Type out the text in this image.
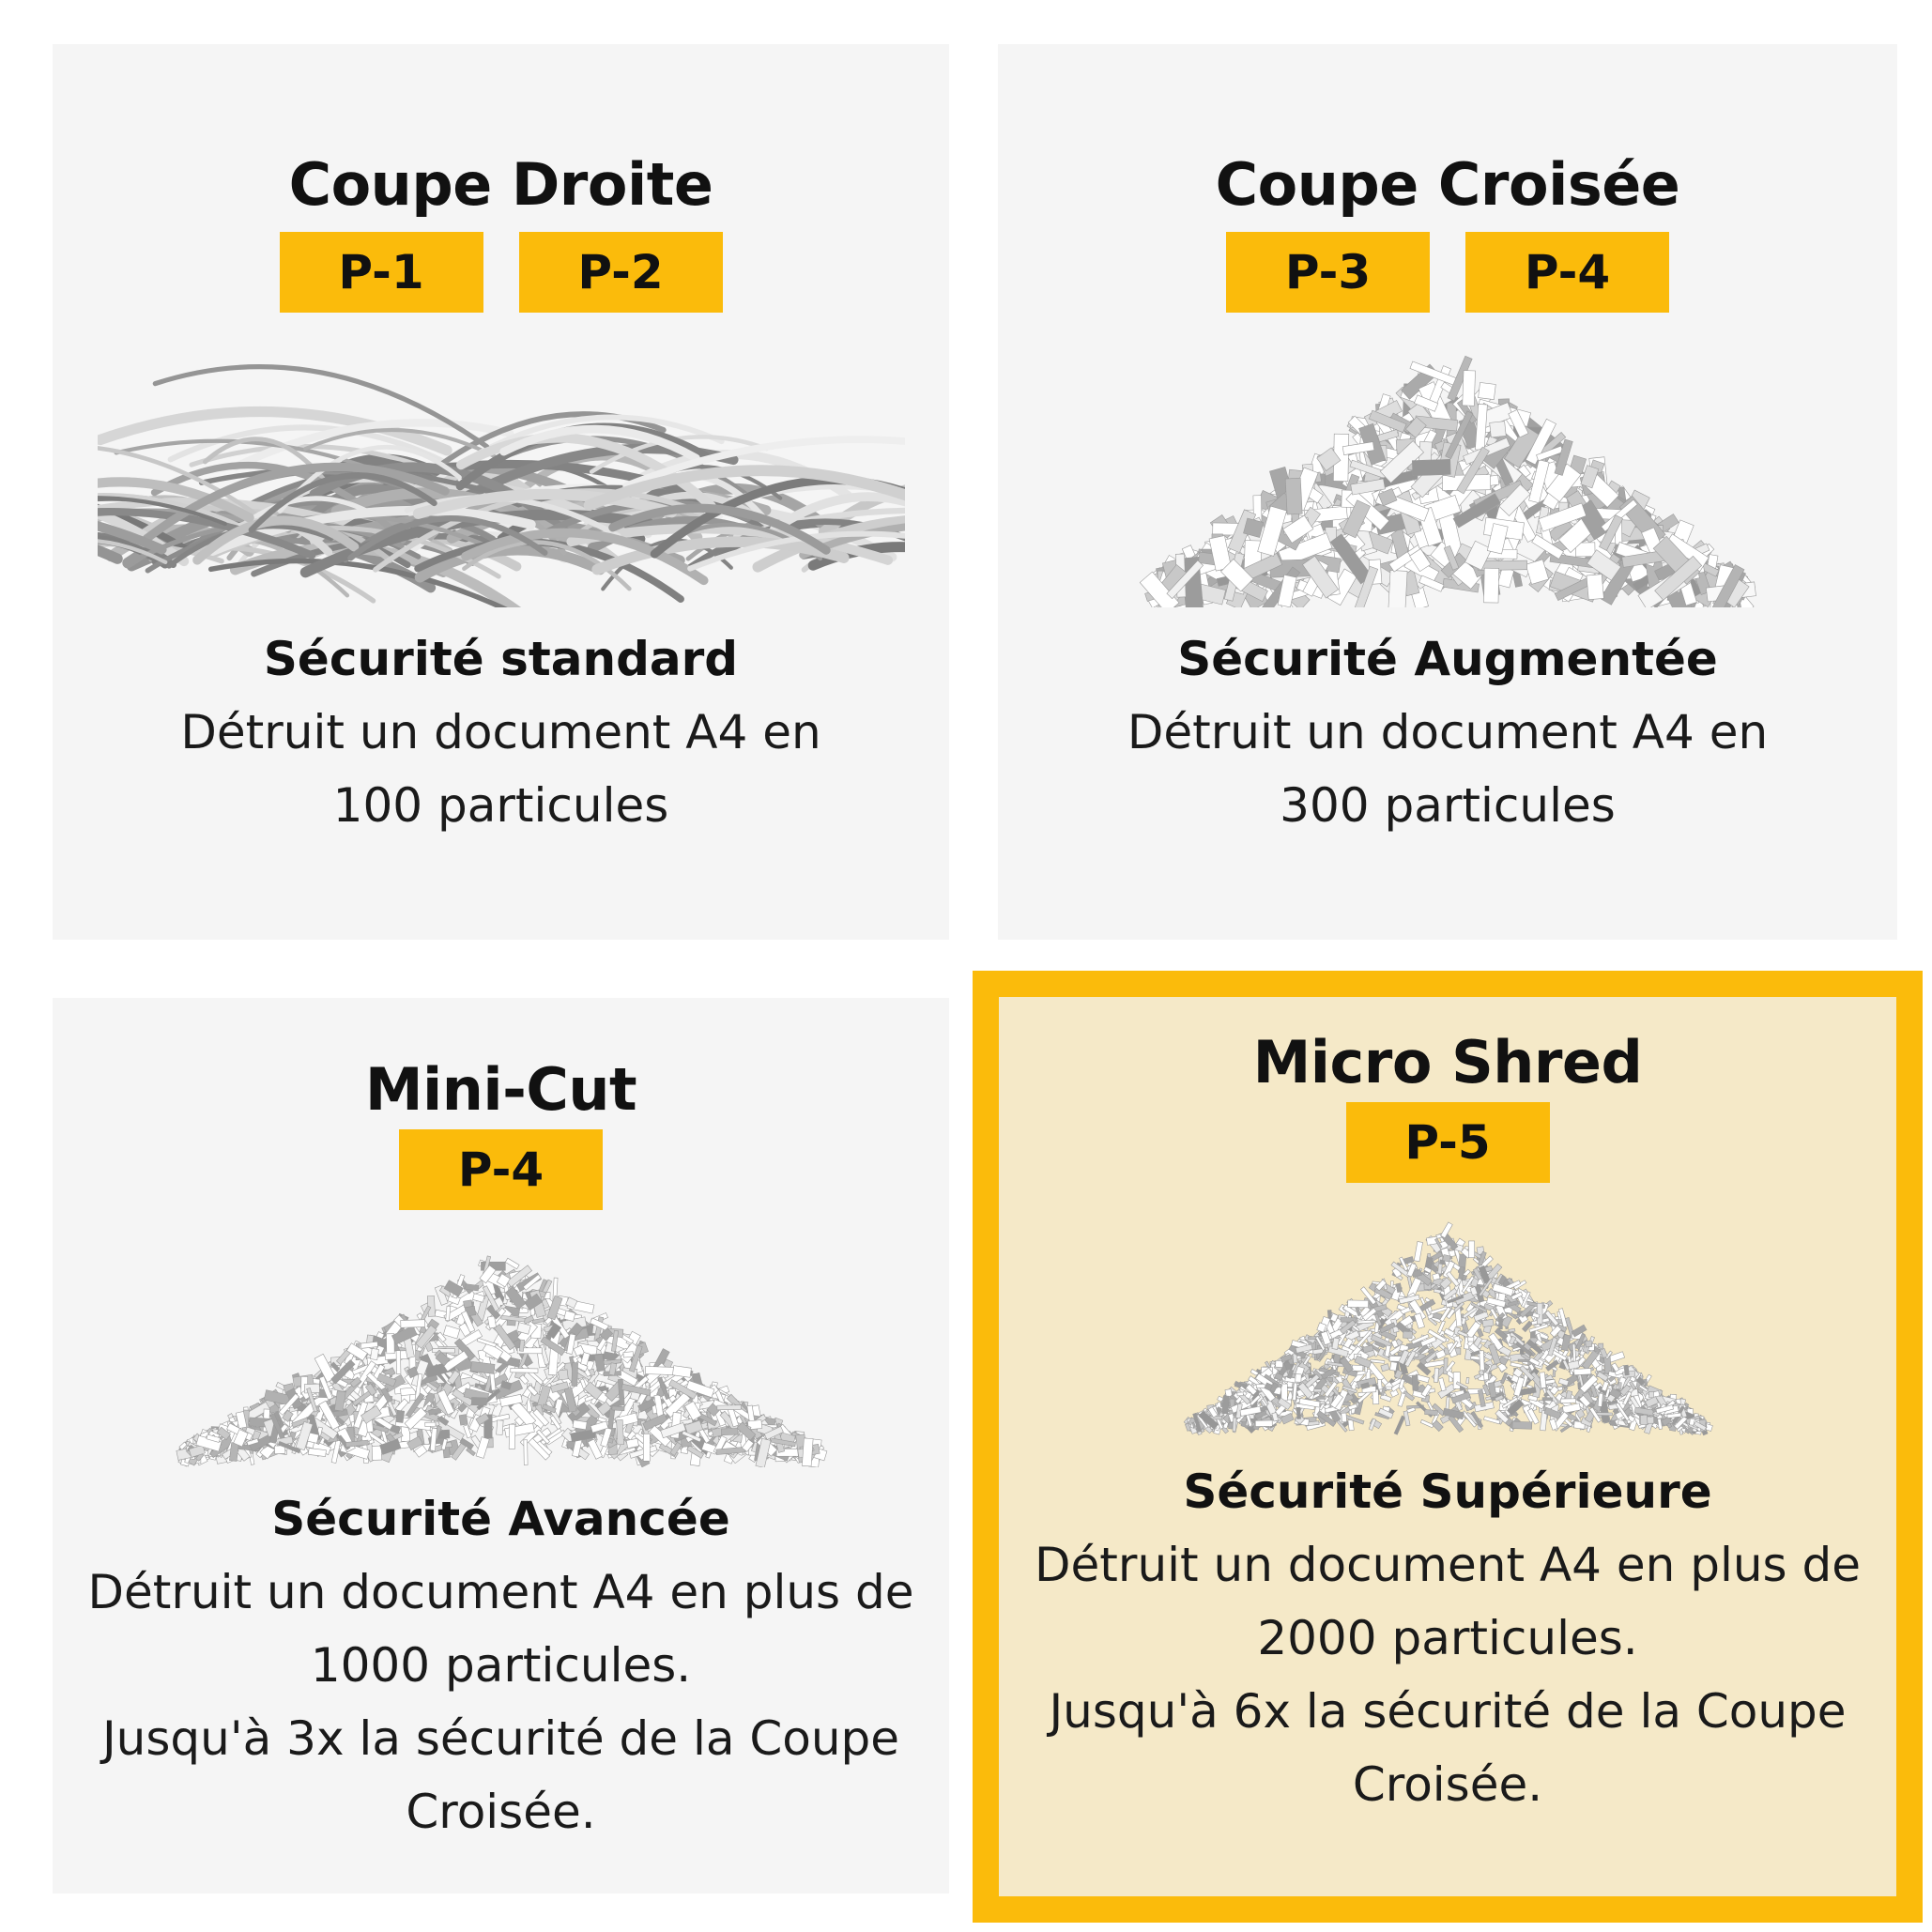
Coupe Droite
P-1	P-2
Sécurité standard

Détruit un document A4 en
100 particules

Coupe Croisée
P-3	P-4
Sécurité Augmentée

Détruit un document A4 en
300 particules

Mini-Cut
P-4
Sécurité Avancée

Détruit un document A4 en plus de
1000 particules.
Jusqu'à 3x la sécurité de la Coupe
Croisée.

Micro Shred
P-5
Sécurité Supérieure

Détruit un document A4 en plus de
2000 particules.
Jusqu'à 6x la sécurité de la Coupe
Croisée.
